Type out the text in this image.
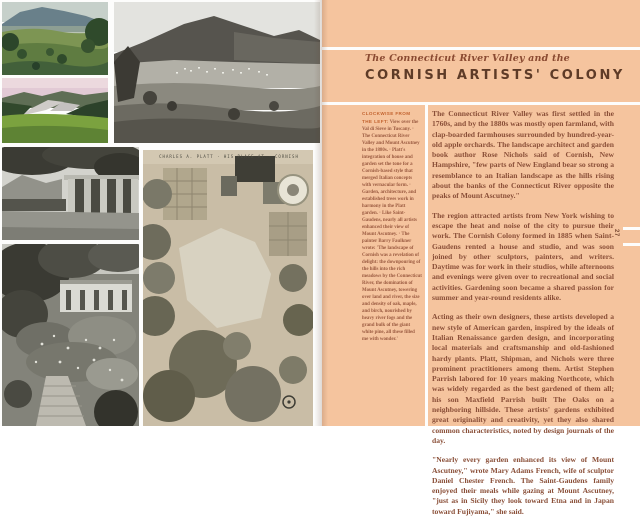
CHARLES A. PLATT · HIS PLACE AT · CORNISH
The Connecticut River Valley and the
CORNISH ARTISTS' COLONY

CLOCKWISE FROM THE LEFT: View over the Val di Sieve in Tuscany. · The Connecticut River Valley and Mount Ascutney in the 1880s. · Platt's integration of house and garden set the tone for a Cornish-based style that merged Italian concepts with vernacular form. · Garden, architecture, and established trees work in harmony in the Platt garden. · Like Saint-Gaudens, nearly all artists enhanced their view of Mount Ascutney. · The painter Barry Faulkner wrote: 'The landscape of Cornish was a revelation of delight: the downpouring of the hills into the rich meadows by the Connecticut River, the domination of Mount Ascutney, towering over land and river, the size and density of oak, maple, and birch, nourished by heavy river fogs and the grand bulk of the giant white pine, all these filled me with wonder.'

The Connecticut River Valley was first settled in the 1760s, and by the 1880s was mostly open farmland, with clap-boarded farmhouses surrounded by hundred-year-old apple orchards. The landscape architect and garden book author Rose Nichols said of Cornish, New Hampshire, "few parts of New England bear so strong a resemblance to an Italian landscape as the hills rising about the banks of the Connecticut River opposite the peaks of Mount Ascutney."

The region attracted artists from New York wishing to escape the heat and noise of the city to pursue their work. The Cornish Colony formed in 1885 when Saint-Gaudens rented a house and studio, and was soon joined by other sculptors, painters, and writers. Daytime was for work in their studios, while afternoons and evenings were given over to recreational and social activities. Gardening soon became a shared passion for summer and year-round residents alike.

Acting as their own designers, these artists developed a new style of American garden, inspired by the ideals of Italian Renaissance garden design, and incorporating local materials and craftsmanship and old-fashioned hardy plants. Platt, Shipman, and Nichols were three prominent practitioners among them. Artist Stephen Parrish labored for 10 years making Northcote, which was widely regarded as the best gardened of them all; his son Maxfield Parrish built The Oaks on a neighboring hillside. These artists' gardens exhibited great originality and creativity, yet they also shared common characteristics, noted by design journals of the day.

"Nearly every garden enhanced its view of Mount Ascutney," wrote Mary Adams French, wife of sculptor Daniel Chester French. The Saint-Gaudens family enjoyed their meals while gazing at Mount Ascutney, "just as in Sicily they look toward Etna and in Japan toward Fujiyama," she said.

27
